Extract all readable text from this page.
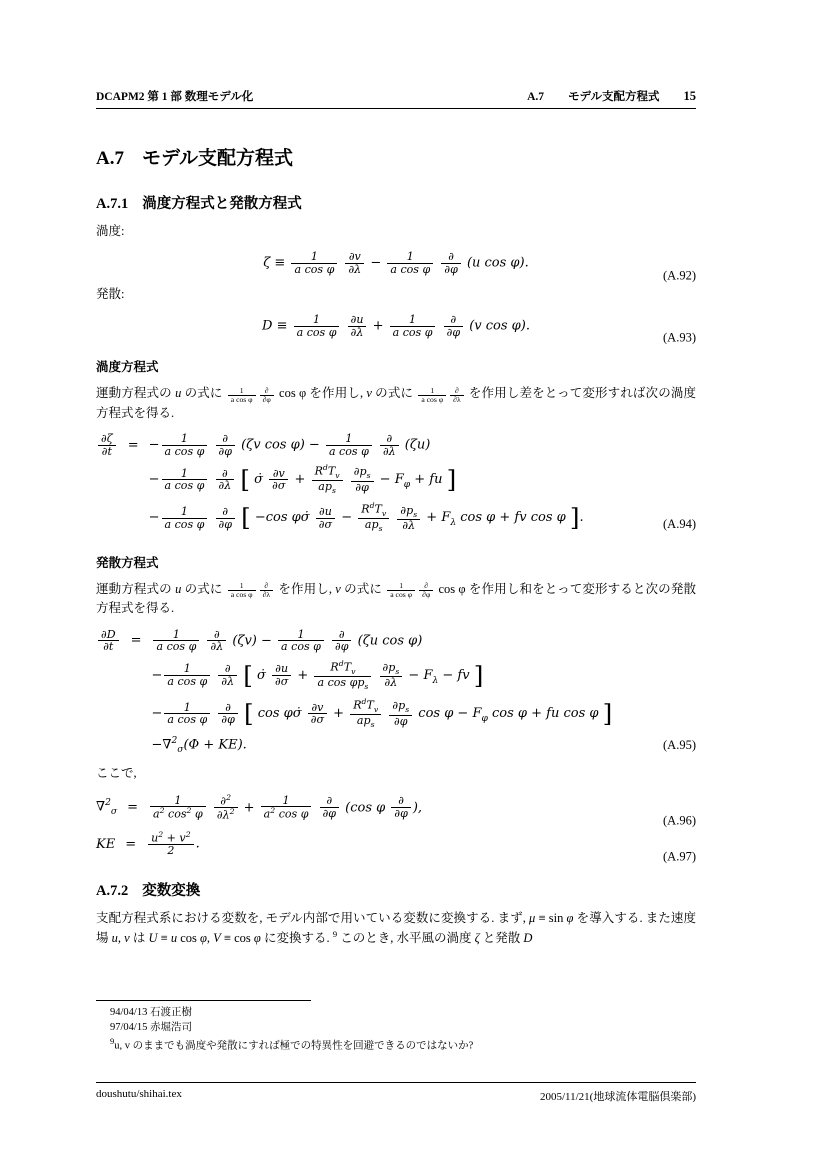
DCAPM2 第 1 部 数理モデル化	A.7 モデル支配方程式 15
A.7 モデル支配方程式
A.7.1 渦度方程式と発散方程式

渦度:

$\zeta \equiv \frac{1}{\text{a cos φ}}$
$\frac{\partial v}{\partial\lambda} - \frac{1}{\text{a cos φ}}$
$\frac{\partial}{\partial\varphi} (u$ cos φ).
(A.92)

発散:

$D \equiv \frac{1}{\text{a cos φ}}$
$\frac{\partial u}{\partial\lambda} + \frac{1}{\text{a cos φ}}$
$\frac{\partial}{\partial\varphi} (v$ cos φ).
(A.93)
渦度方程式

運動方程式の u の式に $\frac{1}{\text{a cos φ}} \frac{\partial}{\partial\varphi}$ cos φ を作用し, v の式に $\frac{1}{\text{a cos φ}} \frac{\partial}{\partial\lambda}$ を作用し差をとって変形すれば次の渦度方程式を得る.

$\frac{\partial\zeta}{\partial t}$ = − $\frac{1}{\text{a cos φ}}$
$\frac{\partial}{\partial\varphi} (\zeta v$ $\cos \varphi) - \frac{1}{\text{a cos φ}}$
$\frac{\partial}{\partial\lambda} (\zeta u)$
− $\frac{1}{\text{a cos φ}}$
$\frac{\partial}{\partial\lambda}$ [ σ̇ $\frac{\partial v}{\partial\sigma} + \frac{R^dT_v}{ap_s}$
$\frac{\partial p_s}{\partial\varphi} - F_\varphi$ + fu ]
− $\frac{1}{\text{a cos φ}}$
$\frac{\partial}{\partial\varphi}$ [ −cos φσ̇ $\frac{\partial u}{\partial\sigma} - \frac{R^dT_v}{ap_s}$
$\frac{\partial p_s}{\partial\lambda} + F_\lambda$ cos φ + fv cos φ ].	(A.94)
発散方程式

運動方程式の u の式に $\frac{1}{\text{a cos φ}} \frac{\partial}{\partial\lambda}$ を作用し, v の式に $\frac{1}{\text{a cos φ}} \frac{\partial}{\partial\varphi}$ cos φ を作用し和をとって変形すると次の発散方程式を得る.

$\frac{\partial D}{\partial t} = \frac{1}{\text{a cos φ}}$
$\frac{\partial}{\partial\lambda} (\zeta v) - \frac{1}{\text{a cos φ}}$
$\frac{\partial}{\partial\varphi} (\zeta u$ cos φ)
− $\frac{1}{\text{a cos φ}}$
$\frac{\partial}{\partial\lambda}$ [ σ̇ $\frac{\partial u}{\partial\sigma} + \frac{R^dT_v}{a \cos \varphi p_s}$
$\frac{\partial p_s}{\partial\lambda} - F_\lambda$ − fv ]
− $\frac{1}{\text{a cos φ}}$
$\frac{\partial}{\partial\varphi}$ [ cos φσ̇ $\frac{\partial v}{\partial\sigma} + \frac{R^dT_v}{ap_s}$
$\frac{\partial p_s}{\partial\varphi}$ $\cos \varphi - F_\varphi$ cos φ + fu cos φ ]
−∇$^2_\sigma$(Φ + KE).	(A.95)

ここで,

$\nabla^2_\sigma = \frac{1}{a^2 \cos^2 \varphi}$
$\frac{\partial^2}{\partial\lambda^2} + \frac{1}{a^2 \cos \varphi}$
$\frac{\partial}{\partial\varphi} (\cos$ φ $\frac{\partial}{\partial\varphi}$ ),
(A.96)
KE = $\frac{u^2 + v^2}{2}$ .
(A.97)
A.7.2 変数変換

支配方程式系における変数を, モデル内部で用いている変数に変換する. まず, μ ≡ sin φ を導入する. また速度場 u, v は U ≡ u cos φ, V ≡ cos φ に変換する. $^9$ このとき, 水平風の渦度 ζ と発散 D

94/04/13 石渡正樹
97/04/15 赤堀浩司
$^9$u, v のままでも渦度や発散にすれば極での特異性を回避できるのではないか?
doushutu/shihai.tex	2005/11/21(地球流体電脳倶楽部)
